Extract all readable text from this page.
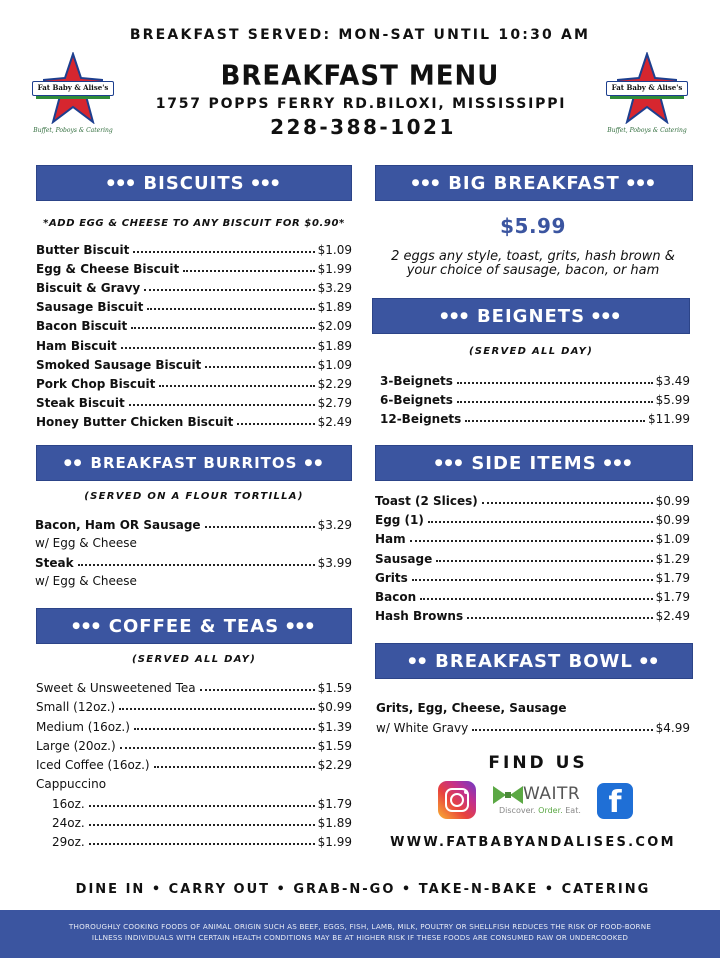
BREAKFAST SERVED: MON-SAT UNTIL 10:30 AM
Fat Baby & Alise's
Buffet, Poboys & Catering
Fat Baby & Alise's
Buffet, Poboys & Catering
BREAKFAST MENU
1757 POPPS FERRY RD.BILOXI, MISSISSIPPI
228-388-1021
●●● BISCUITS ●●●
*ADD EGG & CHEESE TO ANY BISCUIT FOR $0.90*
Butter Biscuit	$1.09
Egg & Cheese Biscuit	$1.99
Biscuit & Gravy	$3.29
Sausage Biscuit	$1.89
Bacon Biscuit	$2.09
Ham Biscuit	$1.89
Smoked Sausage Biscuit	$1.09
Pork Chop Biscuit	$2.29
Steak Biscuit	$2.79
Honey Butter Chicken Biscuit	$2.49
●●● BIG BREAKFAST ●●●
$5.99
2 eggs any style, toast, grits, hash brown &
your choice of sausage, bacon, or ham
●●● BEIGNETS ●●●
(SERVED ALL DAY)
3-Beignets	$3.49
6-Beignets	$5.99
12-Beignets	$11.99
●● BREAKFAST BURRITOS ●●
(SERVED ON A FLOUR TORTILLA)
Bacon, Ham OR Sausage	$3.29
w/ Egg & Cheese
Steak	$3.99
w/ Egg & Cheese
●●● SIDE ITEMS ●●●
Toast (2 Slices)	$0.99
Egg (1)	$0.99
Ham	$1.09
Sausage	$1.29
Grits	$1.79
Bacon	$1.79
Hash Browns	$2.49
●●● COFFEE & TEAS ●●●
(SERVED ALL DAY)
Sweet & Unsweetened Tea	$1.59
Small (12oz.)	$0.99
Medium (16oz.)	$1.39
Large (20oz.)	$1.59
Iced Coffee (16oz.)	$2.29
Cappuccino
16oz.	$1.79
24oz.	$1.89
29oz.	$1.99
●● BREAKFAST BOWL ●●
Grits, Egg, Cheese, Sausage
w/ White Gravy	$4.99
FIND US
WAITR
Discover. Order. Eat. f
WWW.FATBABYANDALISES.COM
DINE IN • CARRY OUT • GRAB-N-GO • TAKE-N-BAKE • CATERING
THOROUGHLY COOKING FOODS OF ANIMAL ORIGIN SUCH AS BEEF, EGGS, FISH, LAMB, MILK, POULTRY OR SHELLFISH REDUCES THE RISK OF FOOD-BORNE
ILLNESS INDIVIDUALS WITH CERTAIN HEALTH CONDITIONS MAY BE AT HIGHER RISK IF THESE FOODS ARE CONSUMED RAW OR UNDERCOOKED
